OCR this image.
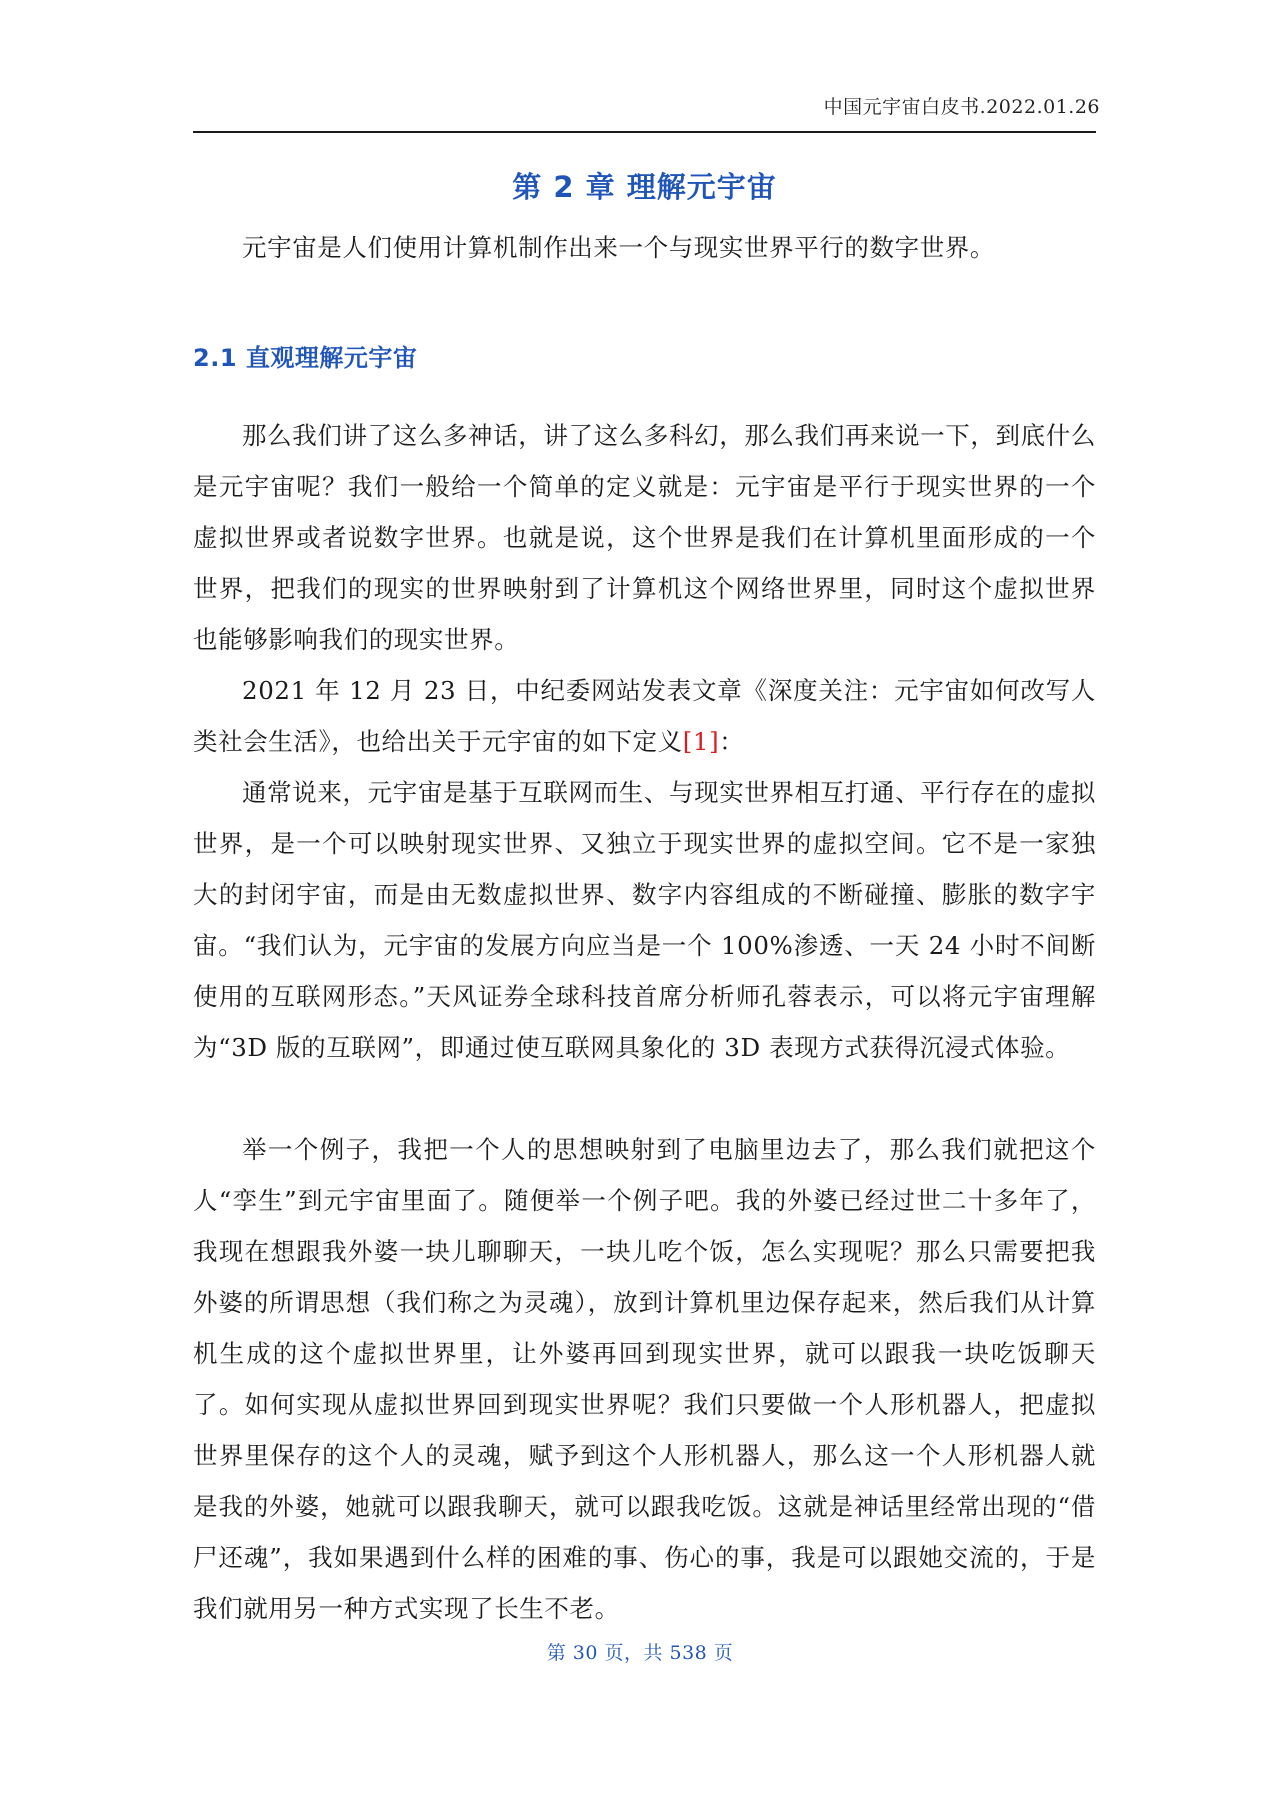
中国元宇宙白皮书.2022.01.26
第 2 章 理解元宇宙

元宇宙是人们使用计算机制作出来一个与现实世界平行的数字世界。

2.1 直观理解元宇宙

那么我们讲了这么多神话，讲了这么多科幻，那么我们再来说一下，到底什么是元宇宙呢？我们一般给一个简单的定义就是：元宇宙是平行于现实世界的一个虚拟世界或者说数字世界。也就是说，这个世界是我们在计算机里面形成的一个世界，把我们的现实的世界映射到了计算机这个网络世界里，同时这个虚拟世界也能够影响我们的现实世界。

2021 年 12 月 23 日，中纪委网站发表文章《深度关注：元宇宙如何改写人类社会生活》，也给出关于元宇宙的如下定义[1]：

通常说来，元宇宙是基于互联网而生、与现实世界相互打通、平行存在的虚拟世界，是一个可以映射现实世界、又独立于现实世界的虚拟空间。它不是一家独大的封闭宇宙，而是由无数虚拟世界、数字内容组成的不断碰撞、膨胀的数字宇宙。“我们认为，元宇宙的发展方向应当是一个 100%渗透、一天 24 小时不间断使用的互联网形态。”天风证券全球科技首席分析师孔蓉表示，可以将元宇宙理解为“3D 版的互联网”，即通过使互联网具象化的 3D 表现方式获得沉浸式体验。

举一个例子，我把一个人的思想映射到了电脑里边去了，那么我们就把这个人“孪生”到元宇宙里面了。随便举一个例子吧。我的外婆已经过世二十多年了，我现在想跟我外婆一块儿聊聊天，一块儿吃个饭，怎么实现呢？那么只需要把我外婆的所谓思想（我们称之为灵魂），放到计算机里边保存起来，然后我们从计算机生成的这个虚拟世界里，让外婆再回到现实世界，就可以跟我一块吃饭聊天了。如何实现从虚拟世界回到现实世界呢？我们只要做一个人形机器人，把虚拟世界里保存的这个人的灵魂，赋予到这个人形机器人，那么这一个人形机器人就是我的外婆，她就可以跟我聊天，就可以跟我吃饭。这就是神话里经常出现的“借尸还魂”，我如果遇到什么样的困难的事、伤心的事，我是可以跟她交流的，于是我们就用另一种方式实现了长生不老。

第 30 页，共 538 页
